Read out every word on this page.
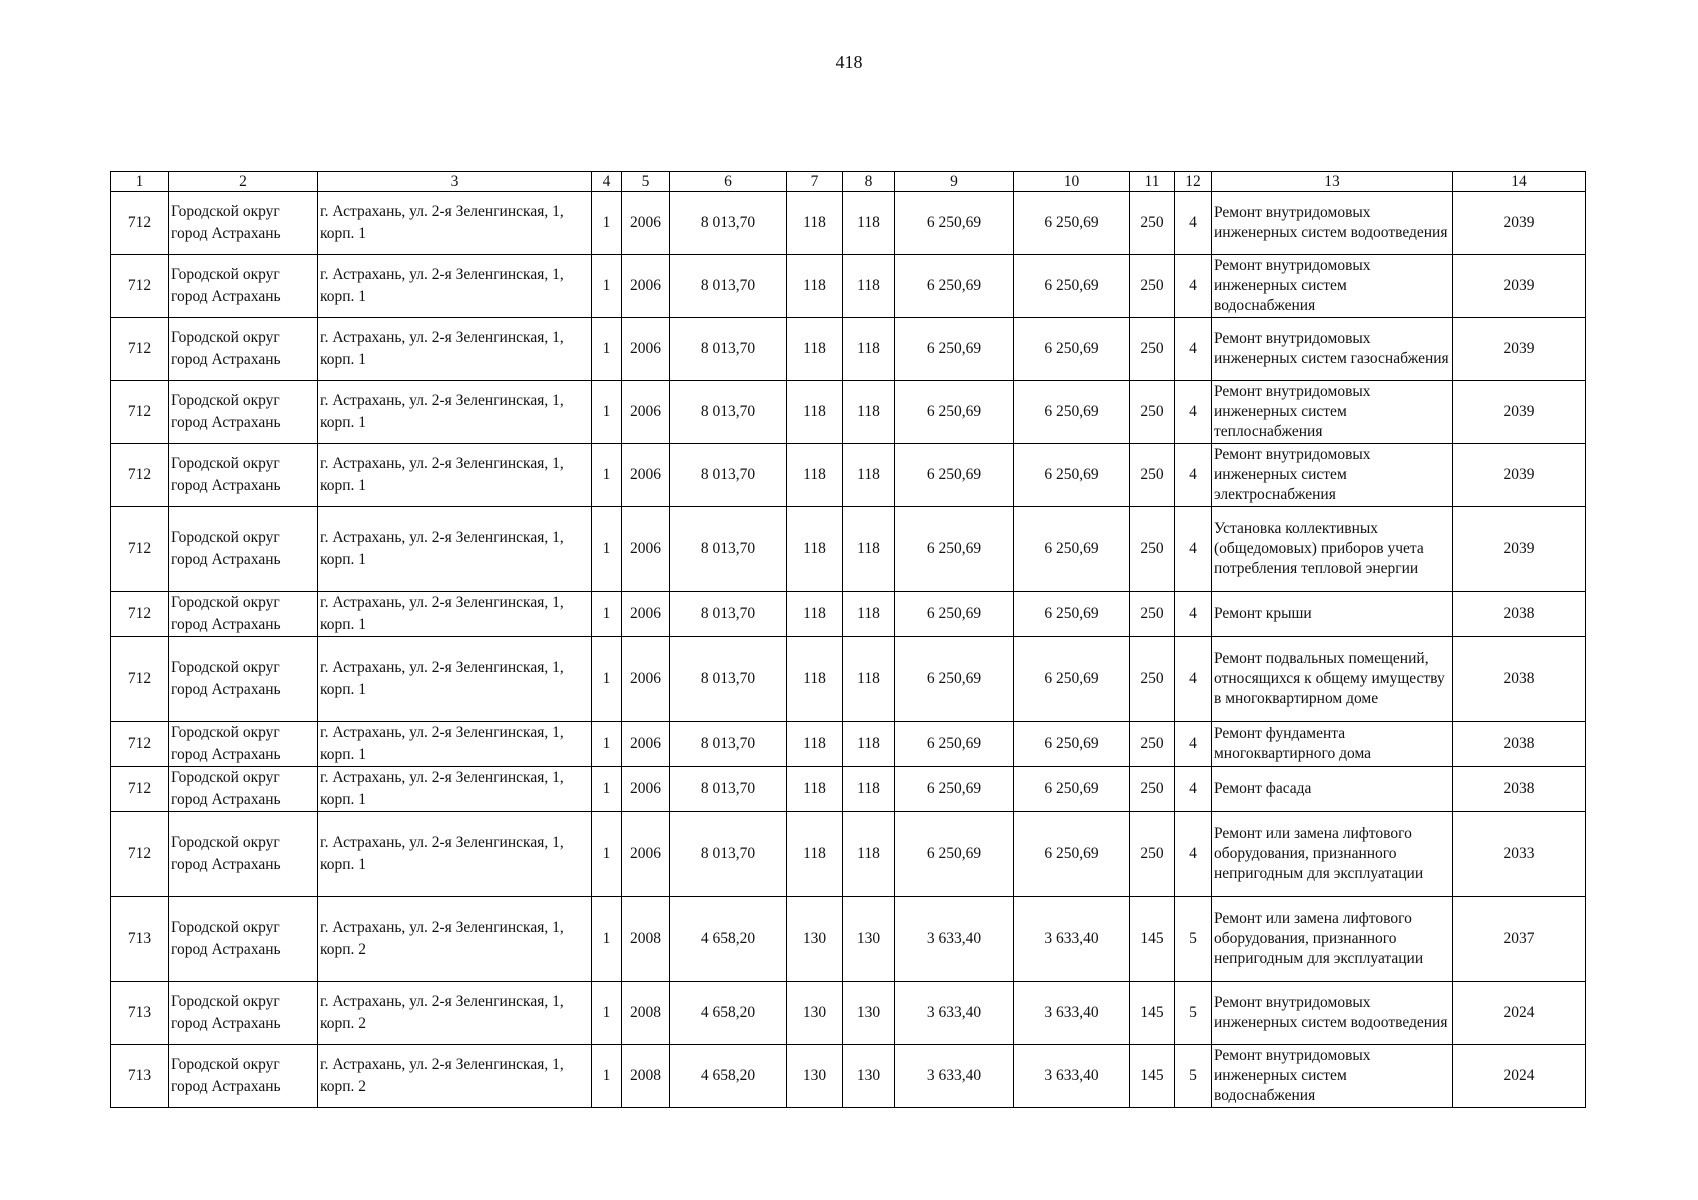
418
1	2	3	4	5	6	7	8	9	10	11	12	13	14
712	Городской округ город Астрахань	г. Астрахань, ул. 2-я Зеленгинская, 1, корп. 1	1	2006	8 013,70	118	118	6 250,69	6 250,69	250	4	Ремонт внутридомовых инженерных систем водоотведения	2039
712	Городской округ город Астрахань	г. Астрахань, ул. 2-я Зеленгинская, 1, корп. 1	1	2006	8 013,70	118	118	6 250,69	6 250,69	250	4	Ремонт внутридомовых инженерных систем водоснабжения	2039
712	Городской округ город Астрахань	г. Астрахань, ул. 2-я Зеленгинская, 1, корп. 1	1	2006	8 013,70	118	118	6 250,69	6 250,69	250	4	Ремонт внутридомовых инженерных систем газоснабжения	2039
712	Городской округ город Астрахань	г. Астрахань, ул. 2-я Зеленгинская, 1, корп. 1	1	2006	8 013,70	118	118	6 250,69	6 250,69	250	4	Ремонт внутридомовых инженерных систем теплоснабжения	2039
712	Городской округ город Астрахань	г. Астрахань, ул. 2-я Зеленгинская, 1, корп. 1	1	2006	8 013,70	118	118	6 250,69	6 250,69	250	4	Ремонт внутридомовых инженерных систем электроснабжения	2039
712	Городской округ город Астрахань	г. Астрахань, ул. 2-я Зеленгинская, 1, корп. 1	1	2006	8 013,70	118	118	6 250,69	6 250,69	250	4	Установка коллективных (общедомовых) приборов учета потребления тепловой энергии	2039
712	Городской округ город Астрахань	г. Астрахань, ул. 2-я Зеленгинская, 1, корп. 1	1	2006	8 013,70	118	118	6 250,69	6 250,69	250	4	Ремонт крыши	2038
712	Городской округ город Астрахань	г. Астрахань, ул. 2-я Зеленгинская, 1, корп. 1	1	2006	8 013,70	118	118	6 250,69	6 250,69	250	4	Ремонт подвальных помещений, относящихся к общему имуществу в многоквартирном доме	2038
712	Городской округ город Астрахань	г. Астрахань, ул. 2-я Зеленгинская, 1, корп. 1	1	2006	8 013,70	118	118	6 250,69	6 250,69	250	4	Ремонт фундамента многоквартирного дома	2038
712	Городской округ город Астрахань	г. Астрахань, ул. 2-я Зеленгинская, 1, корп. 1	1	2006	8 013,70	118	118	6 250,69	6 250,69	250	4	Ремонт фасада	2038
712	Городской округ город Астрахань	г. Астрахань, ул. 2-я Зеленгинская, 1, корп. 1	1	2006	8 013,70	118	118	6 250,69	6 250,69	250	4	Ремонт или замена лифтового оборудования, признанного непригодным для эксплуатации	2033
713	Городской округ город Астрахань	г. Астрахань, ул. 2-я Зеленгинская, 1, корп. 2	1	2008	4 658,20	130	130	3 633,40	3 633,40	145	5	Ремонт или замена лифтового оборудования, признанного непригодным для эксплуатации	2037
713	Городской округ город Астрахань	г. Астрахань, ул. 2-я Зеленгинская, 1, корп. 2	1	2008	4 658,20	130	130	3 633,40	3 633,40	145	5	Ремонт внутридомовых инженерных систем водоотведения	2024
713	Городской округ город Астрахань	г. Астрахань, ул. 2-я Зеленгинская, 1, корп. 2	1	2008	4 658,20	130	130	3 633,40	3 633,40	145	5	Ремонт внутридомовых инженерных систем водоснабжения	2024
